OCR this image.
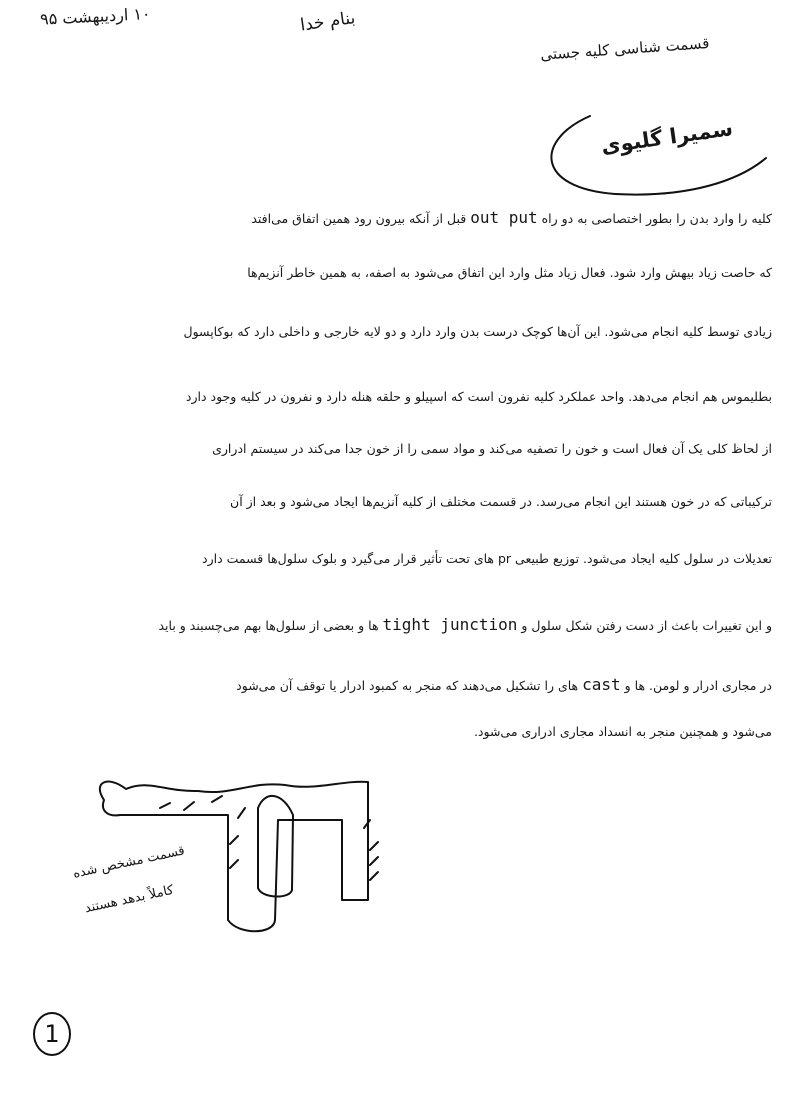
۱۰ اردیبهشت ۹۵	بنام خدا
قسمت شناسی کلیه جستی
سمیرا گلیوی
کلیه را وارد بدن را بطور اختصاصی به دو راه out put قبل از آنکه بیرون رود همین اتفاق می‌افتد
که حاصت زیاد بیهش وارد شود. فعال زیاد مثل وارد این اتفاق می‌شود به اصفه، به همین خاطر آنزیم‌ها
زیادی توسط کلیه انجام می‌شود. این آن‌ها کوچک درست بدن وارد دارد و دو لایه خارجی و داخلی دارد که بوکاپسول
بطلیموس هم انجام می‌دهد. واحد عملکرد کلیه نفرون است که اسپیلو و حلقه هنله دارد و نفرون در کلیه وجود دارد
از لحاظ کلی یک آن فعال است و خون را تصفیه می‌کند و مواد سمی را از خون جدا می‌کند در سیستم ادراری
ترکیباتی که در خون هستند این انجام می‌رسد. در قسمت مختلف از کلیه آنزیم‌ها ایجاد می‌شود و بعد از آن
تعدیلات در سلول کلیه ایجاد می‌شود. توزیع طبیعی pr های تحت تأثیر قرار می‌گیرد و بلوک سلول‌ها قسمت دارد
و این تغییرات باعث از دست رفتن شکل سلول و tight junction ها و بعضی از سلول‌ها بهم می‌چسبند و باید
در مجاری ادرار و لومن. ها و cast های را تشکیل می‌دهند که منجر به کمبود ادرار یا توقف آن می‌شود
می‌شود و همچنین منجر به انسداد مجاری ادراری می‌شود.
قسمت مشخص شده
کاملاً بدهد هستند
1
